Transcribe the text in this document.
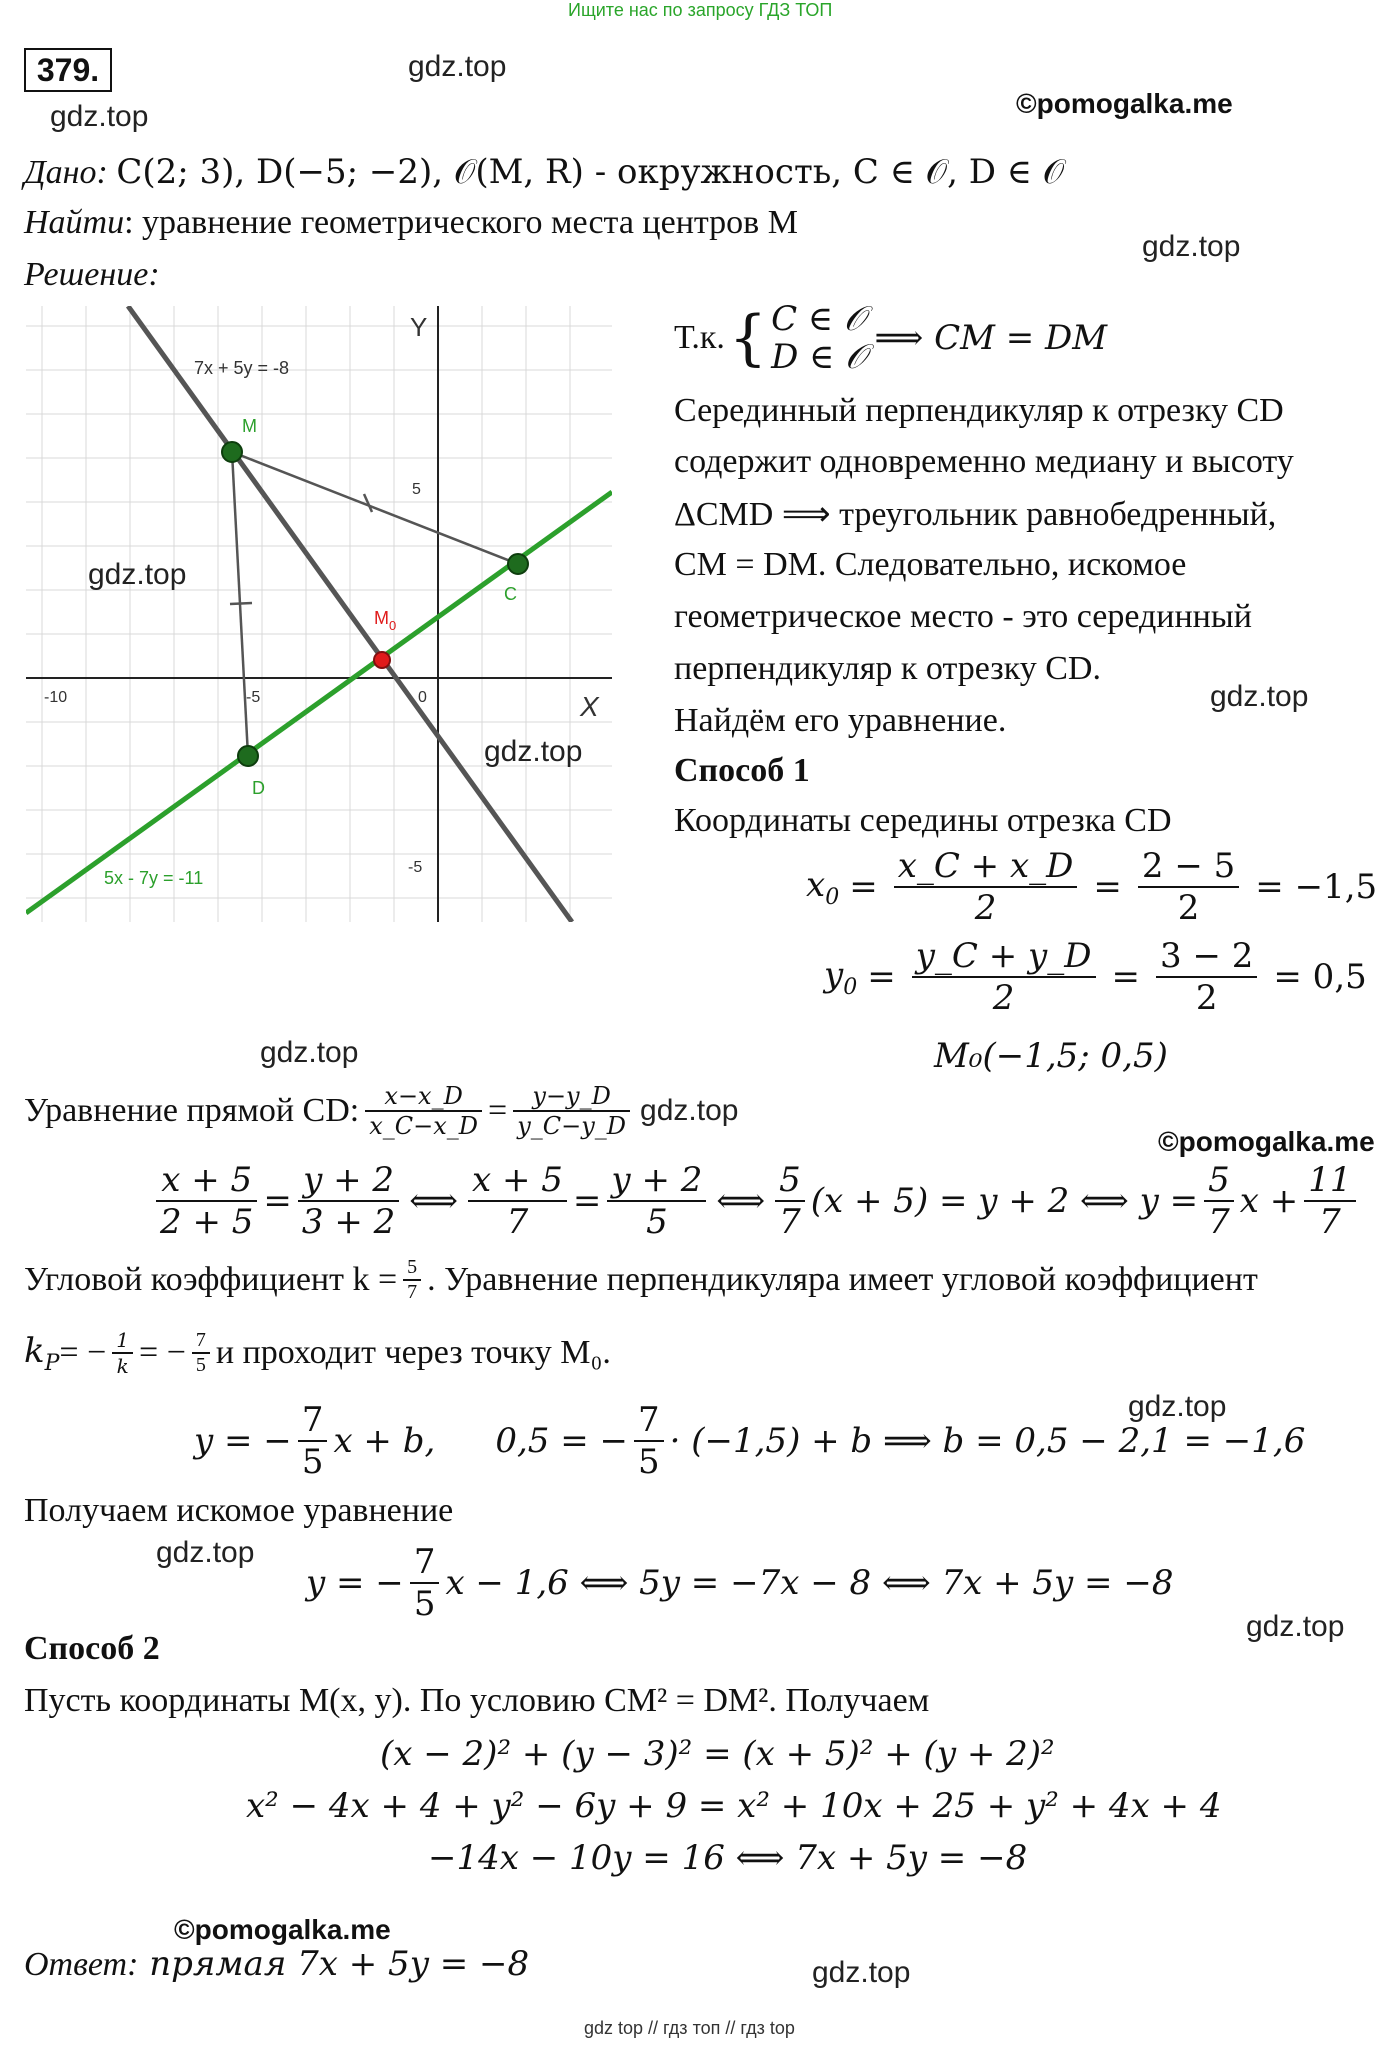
Ищите нас по запросу ГДЗ ТОП
379.	gdz.top
gdz.top	©pomogalka.me
gdz.top
Дано: C(2; 3), D(−5; −2), 𝒪(M, R) - окружность, C ∈ 𝒪, D ∈ 𝒪
Найти: уравнение геометрического места центров M
Решение:
X
Y
-10	-5	0
5
-5
7x + 5y = -8
5x - 7y = -11
M
C
D
$M_0$
gdz.top
gdz.top
Т.к. { C ∈ 𝒪
D ∈ 𝒪 ⟹ CM = DM
Серединный перпендикуляр к отрезку CD
содержит одновременно медиану и высоту
ΔCMD ⟹ треугольник равнобедренный,
CM = DM. Следовательно, искомое
геометрическое место - это серединный
перпендикуляр к отрезку CD.
gdz.top
Найдём его уравнение.
Способ 1
Координаты середины отрезка CD
$x_0 = \frac{x\_C + x\_D}{2} = \frac{2 - 5}{2} = -1,5$
$y_0 = \frac{y\_C + y\_D}{2} = \frac{3 - 2}{2} = 0,5$
M₀(−1,5; 0,5)
gdz.top
Уравнение прямой CD: $\frac{x-x\_D}{x\_C-x\_D} = \frac{y-y\_D}{y\_C-y\_D} gdz.top$
©pomogalka.me
$\frac{x + 5}{2 + 5} = \frac{y + 2}{3 + 2}$ ⟺ $\frac{x + 5}{7} = \frac{y + 2}{5}$ ⟺ $\frac{5}{7} (x + 5) = y + 2$ ⟺ $y = \frac{5}{7}$ $x + \frac{11}{7}$
Угловой коэффициент $k = \frac{5}{7}$ . Уравнение перпендикуляра имеет угловой коэффициент
$k_P$ = − $\frac{1}{k}$ = − $\frac{7}{5}$ и проходит через точку M₀.
gdz.top
y = − $\frac{7}{5}$ x + b, 0,5 = − $\frac{7}{5} \cdot (-1,5) + b$ ⟹ b = 0,5 − 2,1 = −1,6
Получаем искомое уравнение
gdz.top
y = − $\frac{7}{5}$ x − 1,6 ⟺ 5y = −7x − 8 ⟺ 7x + 5y = −8
gdz.top
Способ 2
Пусть координаты M(x, y). По условию CM² = DM². Получаем
(x − 2)² + (y − 3)² = (x + 5)² + (y + 2)²
x² − 4x + 4 + y² − 6y + 9 = x² + 10x + 25 + y² + 4x + 4
−14x − 10y = 16 ⟺ 7x + 5y = −8
©pomogalka.me
Ответ: прямая 7x + 5y = −8	gdz.top
gdz top // гдз топ // гдз top
